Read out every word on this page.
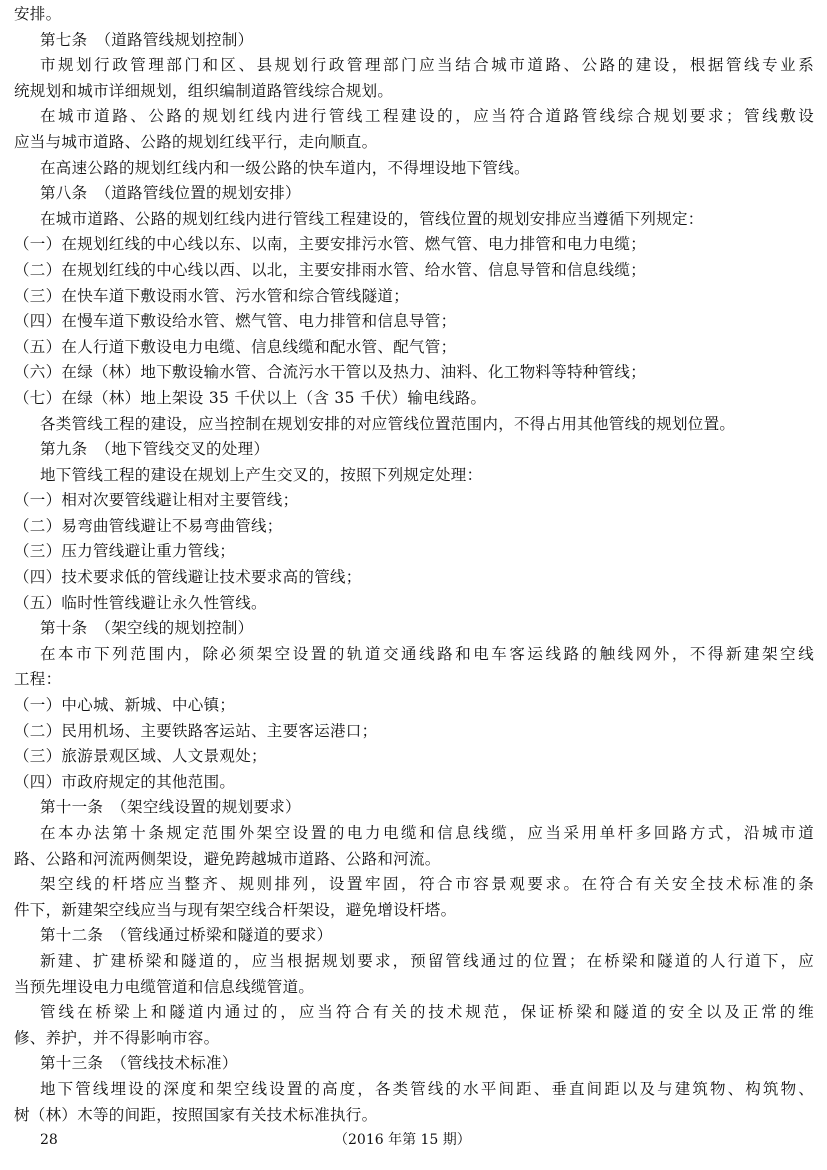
安排。
第七条　（道路管线规划控制）
市规划行政管理部门和区、县规划行政管理部门应当结合城市道路、公路的建设，根据管线专业系
统规划和城市详细规划，组织编制道路管线综合规划。
在城市道路、公路的规划红线内进行管线工程建设的，应当符合道路管线综合规划要求；管线敷设
应当与城市道路、公路的规划红线平行，走向顺直。
在高速公路的规划红线内和一级公路的快车道内，不得埋设地下管线。
第八条　（道路管线位置的规划安排）
在城市道路、公路的规划红线内进行管线工程建设的，管线位置的规划安排应当遵循下列规定：
（一）在规划红线的中心线以东、以南，主要安排污水管、燃气管、电力排管和电力电缆；
（二）在规划红线的中心线以西、以北，主要安排雨水管、给水管、信息导管和信息线缆；
（三）在快车道下敷设雨水管、污水管和综合管线隧道；
（四）在慢车道下敷设给水管、燃气管、电力排管和信息导管；
（五）在人行道下敷设电力电缆、信息线缆和配水管、配气管；
（六）在绿（林）地下敷设输水管、合流污水干管以及热力、油料、化工物料等特种管线；
（七）在绿（林）地上架设 35 千伏以上（含 35 千伏）输电线路。
各类管线工程的建设，应当控制在规划安排的对应管线位置范围内，不得占用其他管线的规划位置。
第九条　（地下管线交叉的处理）
地下管线工程的建设在规划上产生交叉的，按照下列规定处理：
（一）相对次要管线避让相对主要管线；
（二）易弯曲管线避让不易弯曲管线；
（三）压力管线避让重力管线；
（四）技术要求低的管线避让技术要求高的管线；
（五）临时性管线避让永久性管线。
第十条　（架空线的规划控制）
在本市下列范围内，除必须架空设置的轨道交通线路和电车客运线路的触线网外，不得新建架空线
工程：
（一）中心城、新城、中心镇；
（二）民用机场、主要铁路客运站、主要客运港口；
（三）旅游景观区域、人文景观处；
（四）市政府规定的其他范围。
第十一条　（架空线设置的规划要求）
在本办法第十条规定范围外架空设置的电力电缆和信息线缆，应当采用单杆多回路方式，沿城市道
路、公路和河流两侧架设，避免跨越城市道路、公路和河流。
架空线的杆塔应当整齐、规则排列，设置牢固，符合市容景观要求。在符合有关安全技术标准的条
件下，新建架空线应当与现有架空线合杆架设，避免增设杆塔。
第十二条　（管线通过桥梁和隧道的要求）
新建、扩建桥梁和隧道的，应当根据规划要求，预留管线通过的位置；在桥梁和隧道的人行道下，应
当预先埋设电力电缆管道和信息线缆管道。
管线在桥梁上和隧道内通过的，应当符合有关的技术规范，保证桥梁和隧道的安全以及正常的维
修、养护，并不得影响市容。
第十三条　（管线技术标准）
地下管线埋设的深度和架空线设置的高度，各类管线的水平间距、垂直间距以及与建筑物、构筑物、
树（林）木等的间距，按照国家有关技术标准执行。
28	（2016 年第 15 期）
